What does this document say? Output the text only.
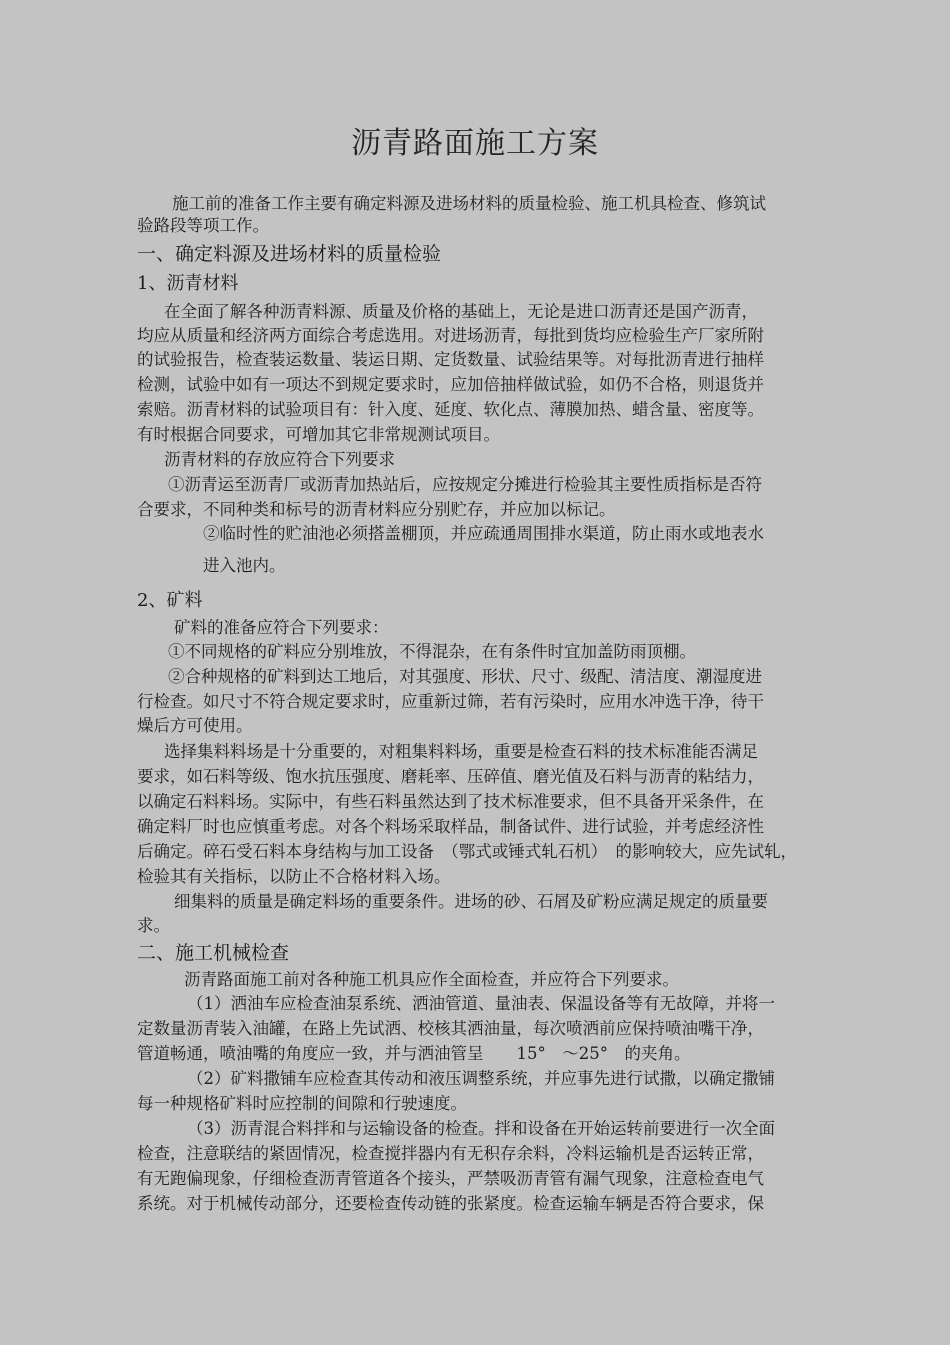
沥青路面施工方案
施工前的准备工作主要有确定料源及进场材料的质量检验、施工机具检查、修筑试
验路段等项工作。
一、确定料源及进场材料的质量检验
1、沥青材料
在全面了解各种沥青料源、质量及价格的基础上，无论是进口沥青还是国产沥青，
均应从质量和经济两方面综合考虑选用。对进场沥青，每批到货均应检验生产厂家所附
的试验报告，检查装运数量、装运日期、定货数量、试验结果等。对每批沥青进行抽样
检测，试验中如有一项达不到规定要求时，应加倍抽样做试验，如仍不合格，则退货并
索赔。沥青材料的试验项目有：针入度、延度、软化点、薄膜加热、蜡含量、密度等。
有时根据合同要求，可增加其它非常规测试项目。
沥青材料的存放应符合下列要求
①沥青运至沥青厂或沥青加热站后，应按规定分摊进行检验其主要性质指标是否符
合要求，不同种类和标号的沥青材料应分别贮存，并应加以标记。
②临时性的贮油池必须搭盖棚顶，并应疏通周围排水渠道，防止雨水或地表水
进入池内。
2、矿料
矿料的准备应符合下列要求：
①不同规格的矿料应分别堆放，不得混杂，在有条件时宜加盖防雨顶棚。
②合种规格的矿料到达工地后，对其强度、形状、尺寸、级配、清洁度、潮湿度进
行检查。如尺寸不符合规定要求时，应重新过筛，若有污染时，应用水冲选干净，待干
燥后方可使用。
选择集料料场是十分重要的，对粗集料料场，重要是检查石料的技术标准能否满足
要求，如石料等级、饱水抗压强度、磨耗率、压碎值、磨光值及石料与沥青的粘结力，
以确定石料料场。实际中，有些石料虽然达到了技术标准要求，但不具备开采条件，在
确定料厂时也应慎重考虑。对各个料场采取样品，制备试件、进行试验，并考虑经济性
后确定。碎石受石料本身结构与加工设备　（鄂式或锤式轧石机）　的影响较大，应先试轧，
检验其有关指标，以防止不合格材料入场。
细集料的质量是确定料场的重要条件。进场的砂、石屑及矿粉应满足规定的质量要
求。
二、施工机械检查
沥青路面施工前对各种施工机具应作全面检查，并应符合下列要求。
（1）洒油车应检查油泵系统、洒油管道、量油表、保温设备等有无故障，并将一
定数量沥青装入油罐，在路上先试洒、校核其洒油量，每次喷洒前应保持喷油嘴干净，
管道畅通，喷油嘴的角度应一致，并与洒油管呈　　15°　～25°　的夹角。
（2）矿料撒铺车应检查其传动和液压调整系统，并应事先进行试撒，以确定撒铺
每一种规格矿料时应控制的间隙和行驶速度。
（3）沥青混合料拌和与运输设备的检查。拌和设备在开始运转前要进行一次全面
检查，注意联结的紧固情况，检查搅拌器内有无积存余料，冷料运输机是否运转正常，
有无跑偏现象，仔细检查沥青管道各个接头，严禁吸沥青管有漏气现象，注意检查电气
系统。对于机械传动部分，还要检查传动链的张紧度。检查运输车辆是否符合要求，保
